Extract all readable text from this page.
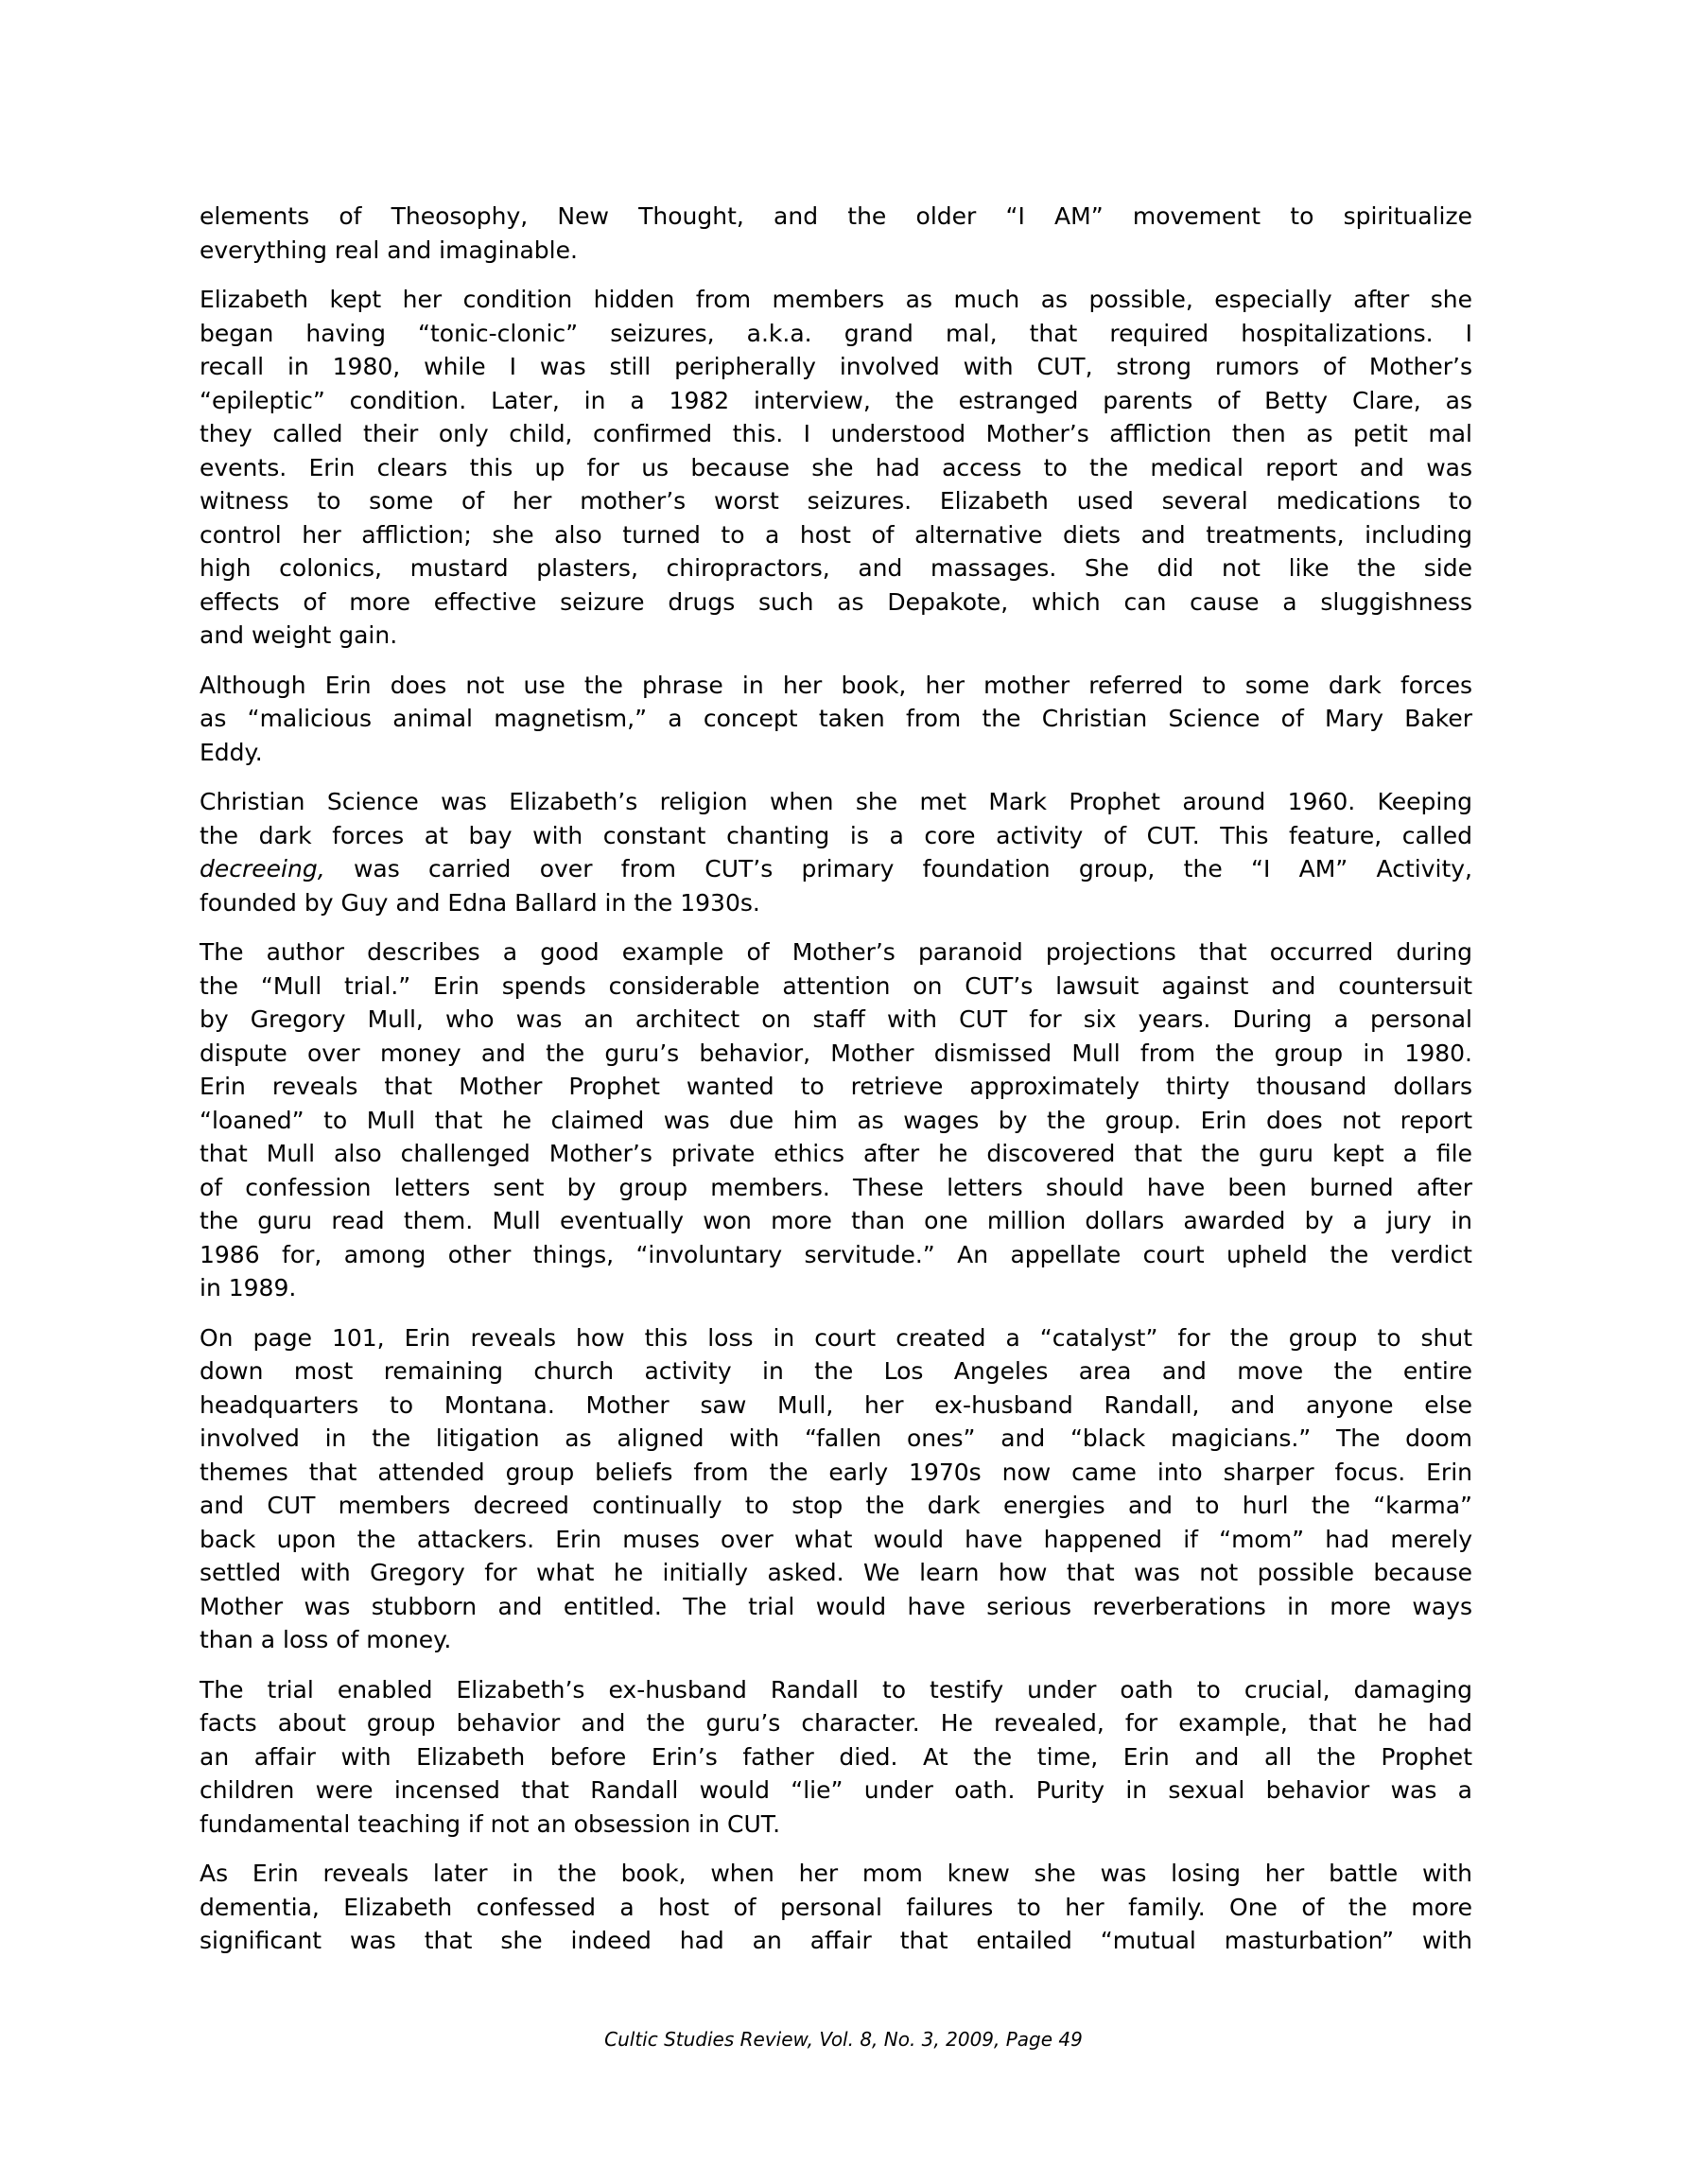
elements of Theosophy, New Thought, and the older “I AM” movement to spiritualize
everything real and imaginable.
Elizabeth kept her condition hidden from members as much as possible, especially after she
began having “tonic-clonic” seizures, a.k.a. grand mal, that required hospitalizations. I
recall in 1980, while I was still peripherally involved with CUT, strong rumors of Mother’s
“epileptic” condition. Later, in a 1982 interview, the estranged parents of Betty Clare, as
they called their only child, confirmed this. I understood Mother’s affliction then as petit mal
events. Erin clears this up for us because she had access to the medical report and was
witness to some of her mother’s worst seizures. Elizabeth used several medications to
control her affliction; she also turned to a host of alternative diets and treatments, including
high colonics, mustard plasters, chiropractors, and massages. She did not like the side
effects of more effective seizure drugs such as Depakote, which can cause a sluggishness
and weight gain.
Although Erin does not use the phrase in her book, her mother referred to some dark forces
as “malicious animal magnetism,” a concept taken from the Christian Science of Mary Baker
Eddy.
Christian Science was Elizabeth’s religion when she met Mark Prophet around 1960. Keeping
the dark forces at bay with constant chanting is a core activity of CUT. This feature, called
decreeing, was carried over from CUT’s primary foundation group, the “I AM” Activity,
founded by Guy and Edna Ballard in the 1930s.
The author describes a good example of Mother’s paranoid projections that occurred during
the “Mull trial.” Erin spends considerable attention on CUT’s lawsuit against and countersuit
by Gregory Mull, who was an architect on staff with CUT for six years. During a personal
dispute over money and the guru’s behavior, Mother dismissed Mull from the group in 1980.
Erin reveals that Mother Prophet wanted to retrieve approximately thirty thousand dollars
“loaned” to Mull that he claimed was due him as wages by the group. Erin does not report
that Mull also challenged Mother’s private ethics after he discovered that the guru kept a file
of confession letters sent by group members. These letters should have been burned after
the guru read them. Mull eventually won more than one million dollars awarded by a jury in
1986 for, among other things, “involuntary servitude.” An appellate court upheld the verdict
in 1989.
On page 101, Erin reveals how this loss in court created a “catalyst” for the group to shut
down most remaining church activity in the Los Angeles area and move the entire
headquarters to Montana. Mother saw Mull, her ex-husband Randall, and anyone else
involved in the litigation as aligned with “fallen ones” and “black magicians.” The doom
themes that attended group beliefs from the early 1970s now came into sharper focus. Erin
and CUT members decreed continually to stop the dark energies and to hurl the “karma”
back upon the attackers. Erin muses over what would have happened if “mom” had merely
settled with Gregory for what he initially asked. We learn how that was not possible because
Mother was stubborn and entitled. The trial would have serious reverberations in more ways
than a loss of money.
The trial enabled Elizabeth’s ex-husband Randall to testify under oath to crucial, damaging
facts about group behavior and the guru’s character. He revealed, for example, that he had
an affair with Elizabeth before Erin’s father died. At the time, Erin and all the Prophet
children were incensed that Randall would “lie” under oath. Purity in sexual behavior was a
fundamental teaching if not an obsession in CUT.
As Erin reveals later in the book, when her mom knew she was losing her battle with
dementia, Elizabeth confessed a host of personal failures to her family. One of the more
significant was that she indeed had an affair that entailed “mutual masturbation” with
Cultic Studies Review, Vol. 8, No. 3, 2009, Page 49
